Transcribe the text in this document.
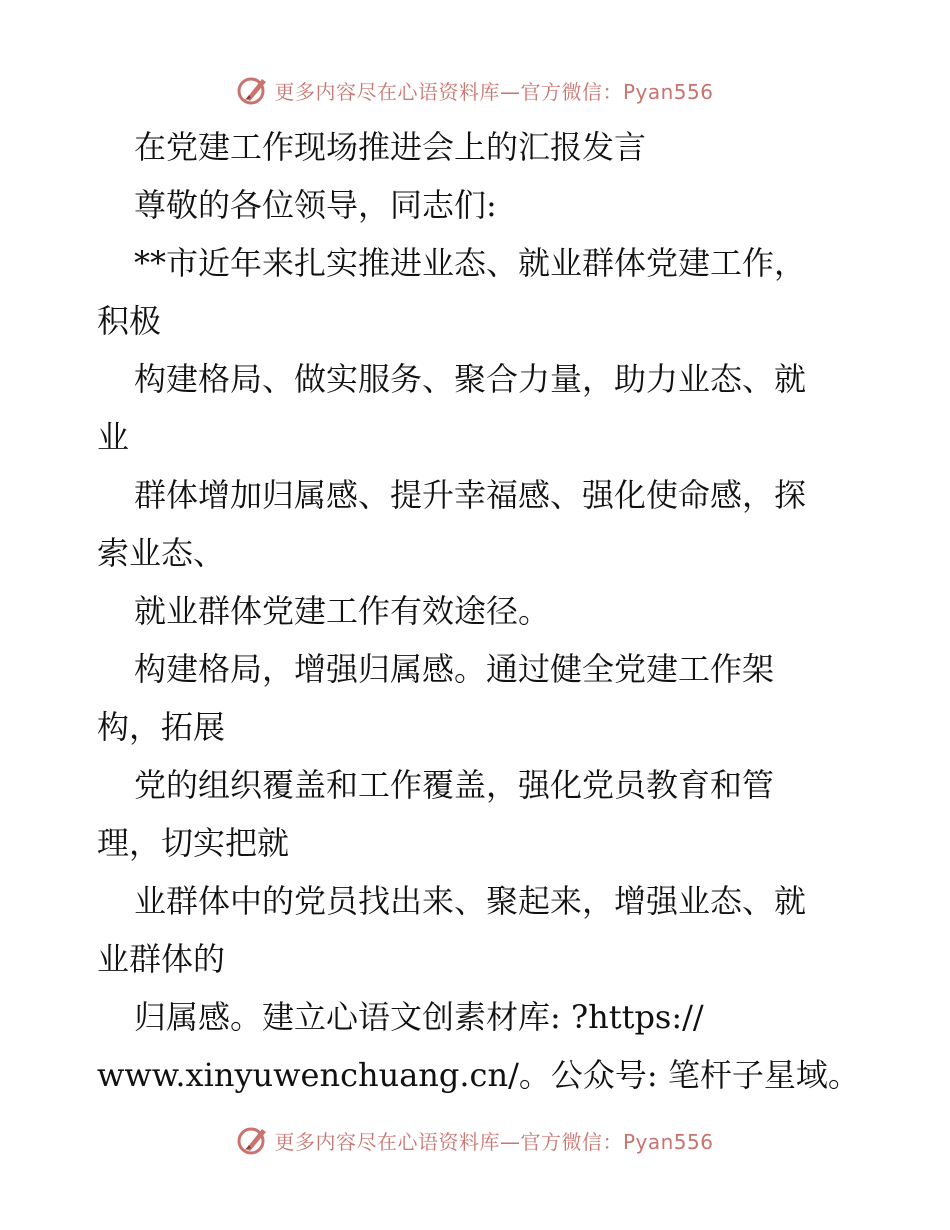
更多内容尽在心语资料库—官方微信：Pyan556
在党建工作现场推进会上的汇报发言
尊敬的各位领导，同志们:
**市近年来扎实推进业态、就业群体党建工作，
积极
构建格局、做实服务、聚合力量，助力业态、就
业
群体增加归属感、提升幸福感、强化使命感，探
索业态、
就业群体党建工作有效途径。
构建格局，增强归属感。通过健全党建工作架
构，拓展
党的组织覆盖和工作覆盖，强化党员教育和管
理，切实把就
业群体中的党员找出来、聚起来，增强业态、就
业群体的
归属感。建立心语文创素材库: ?https://
www.xinyuwenchuang.cn/。公众号: 笔杆子星域。
更多内容尽在心语资料库—官方微信：Pyan556
